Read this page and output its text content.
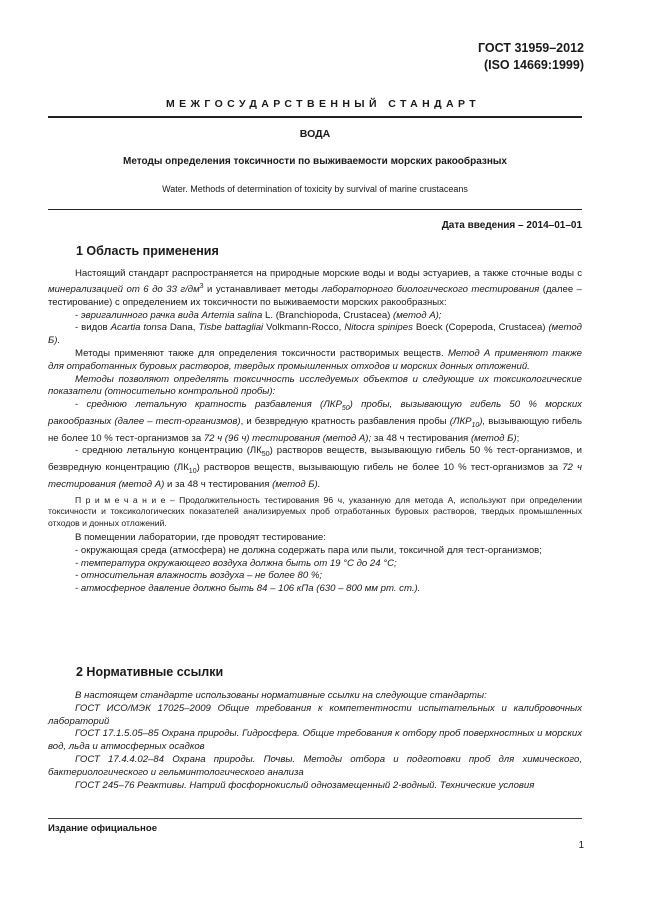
ГОСТ 31959–2012
(ISO 14669:1999)
МЕЖГОСУДАРСТВЕННЫЙ СТАНДАРТ
ВОДА
Методы определения токсичности по выживаемости морских ракообразных
Water. Methods of determination of toxicity by survival of marine crustaceans
Дата введения – 2014–01–01
1 Область применения

Настоящий стандарт распространяется на природные морские воды и воды эстуариев, а также сточные воды с минерализацией от 6 до 33 $г/дм^3$ и устанавливает методы лабораторного биологического тестирования (далее – тестирование) с определением их токсичности по выживаемости морских ракообразных:

- эвригалинного рачка вида Artemia salina L. (Branchiopoda, Crustacea) (метод А);

- видов Acartia tonsa Dana, Tisbe battagliai Volkmann-Rocco, Nitocra spinipes Boeck (Copepoda, Crustacea) (метод Б).

Методы применяют также для определения токсичности растворимых веществ. Метод А применяют также для отработанных буровых растворов, твердых промышленных отходов и морских донных отложений.

Методы позволяют определять токсичность исследуемых объектов и следующие их токсикологические показатели (относительно контрольной пробы):

- среднюю летальную кратность разбавления $(ЛКР_{50})$ пробы, вызывающую гибель 50 % морских ракообразных (далее – тест-организмов), и безвредную кратность разбавления пробы $(ЛКР_{10})$, вызывающую гибель не более 10 % тест-организмов за 72 ч (96 ч) тестирования (метод А); за 48 ч тестирования (метод Б);

- среднюю летальную концентрацию $(ЛК_{50})$ растворов веществ, вызывающую гибель 50 % тест-организмов, и безвредную концентрацию $(ЛК_{10})$ растворов веществ, вызывающую гибель не более 10 % тест-организмов за 72 ч тестирования (метод А) и за 48 ч тестирования (метод Б).

П р и м е ч а н и е – Продолжительность тестирования 96 ч, указанную для метода А, используют при определении токсичности и токсикологических показателей анализируемых проб отработанных буровых растворов, твердых промышленных отходов и донных отложений.

В помещении лаборатории, где проводят тестирование:

- окружающая среда (атмосфера) не должна содержать пара или пыли, токсичной для тест-организмов;

- температура окружающего воздуха должна быть от 19 °С до 24 °С;

- относительная влажность воздуха – не более 80 %;

- атмосферное давление должно быть 84 – 106 кПа (630 – 800 мм рт. ст.).

2 Нормативные ссылки

В настоящем стандарте использованы нормативные ссылки на следующие стандарты:

ГОСТ ИСО/МЭК 17025–2009 Общие требования к компетентности испытательных и калибровочных лабораторий

ГОСТ 17.1.5.05–85 Охрана природы. Гидросфера. Общие требования к отбору проб поверхностных и морских вод, льда и атмосферных осадков

ГОСТ 17.4.4.02–84 Охрана природы. Почвы. Методы отбора и подготовки проб для химического, бактериологического и гельминтологического анализа

ГОСТ 245–76 Реактивы. Натрий фосфорнокислый однозамещенный 2-водный. Технические условия

Издание официальное
1
